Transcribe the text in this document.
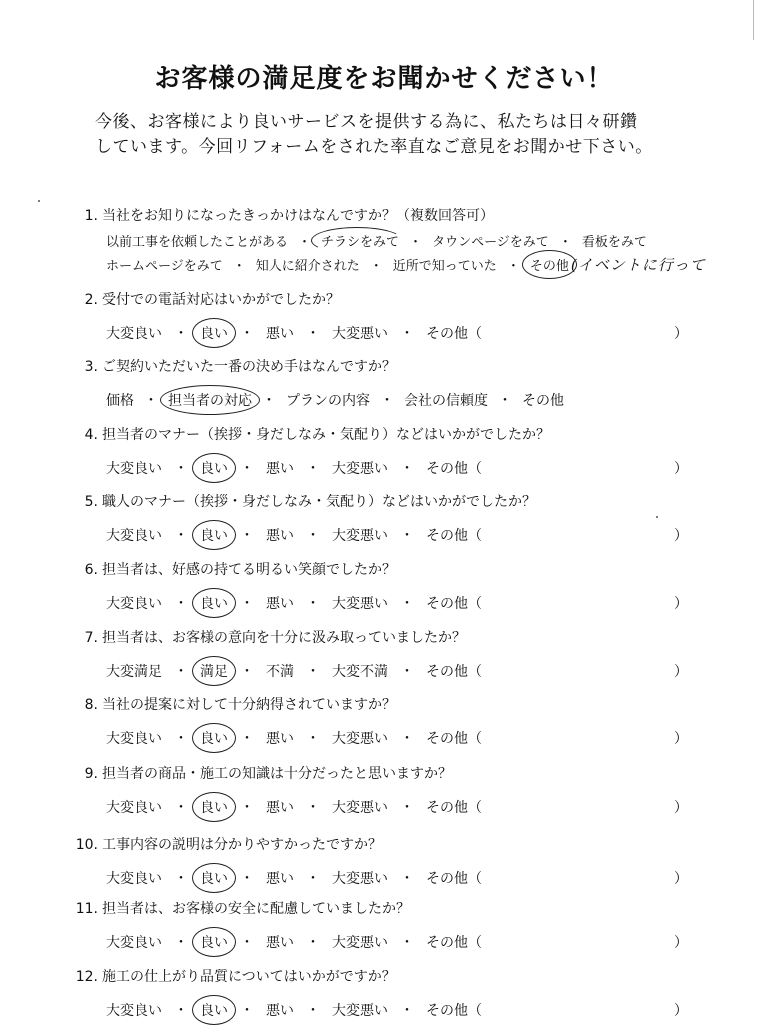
お客様の満足度をお聞かせください！
今後、お客様により良いサービスを提供する為に、私たちは日々研鑽
しています。今回リフォームをされた率直なご意見をお聞かせ下さい。
1. 当社をお知りになったきっかけはなんですか？（複数回答可）
以前工事を依頼したことがある ・ チラシをみて ・ タウンページをみて ・ 看板をみて
ホームページをみて ・ 知人に紹介された ・ 近所で知っていた ・ その他 (イベントに行って
2. 受付での電話対応はいかがでしたか？
大変良い ・ 良い ・ 悪い ・ 大変悪い ・ その他（	）
3. ご契約いただいた一番の決め手はなんですか？
価格 ・ 担当者の対応 ・ プランの内容 ・ 会社の信頼度 ・ その他
4. 担当者のマナー（挨拶・身だしなみ・気配り）などはいかがでしたか？
大変良い ・ 良い ・ 悪い ・ 大変悪い ・ その他（	）
5. 職人のマナー（挨拶・身だしなみ・気配り）などはいかがでしたか？
大変良い ・ 良い ・ 悪い ・ 大変悪い ・ その他（	）
6. 担当者は、好感の持てる明るい笑顔でしたか？
大変良い ・ 良い ・ 悪い ・ 大変悪い ・ その他（	）
7. 担当者は、お客様の意向を十分に汲み取っていましたか？
大変満足 ・ 満足 ・ 不満 ・ 大変不満 ・ その他（	）
8. 当社の提案に対して十分納得されていますか？
大変良い ・ 良い ・ 悪い ・ 大変悪い ・ その他（	）
9. 担当者の商品・施工の知識は十分だったと思いますか？
大変良い ・ 良い ・ 悪い ・ 大変悪い ・ その他（	）
10. 工事内容の説明は分かりやすかったですか？
大変良い ・ 良い ・ 悪い ・ 大変悪い ・ その他（	）
11. 担当者は、お客様の安全に配慮していましたか？
大変良い ・ 良い ・ 悪い ・ 大変悪い ・ その他（	）
12. 施工の仕上がり品質についてはいかがですか？
大変良い ・ 良い ・ 悪い ・ 大変悪い ・ その他（	）
